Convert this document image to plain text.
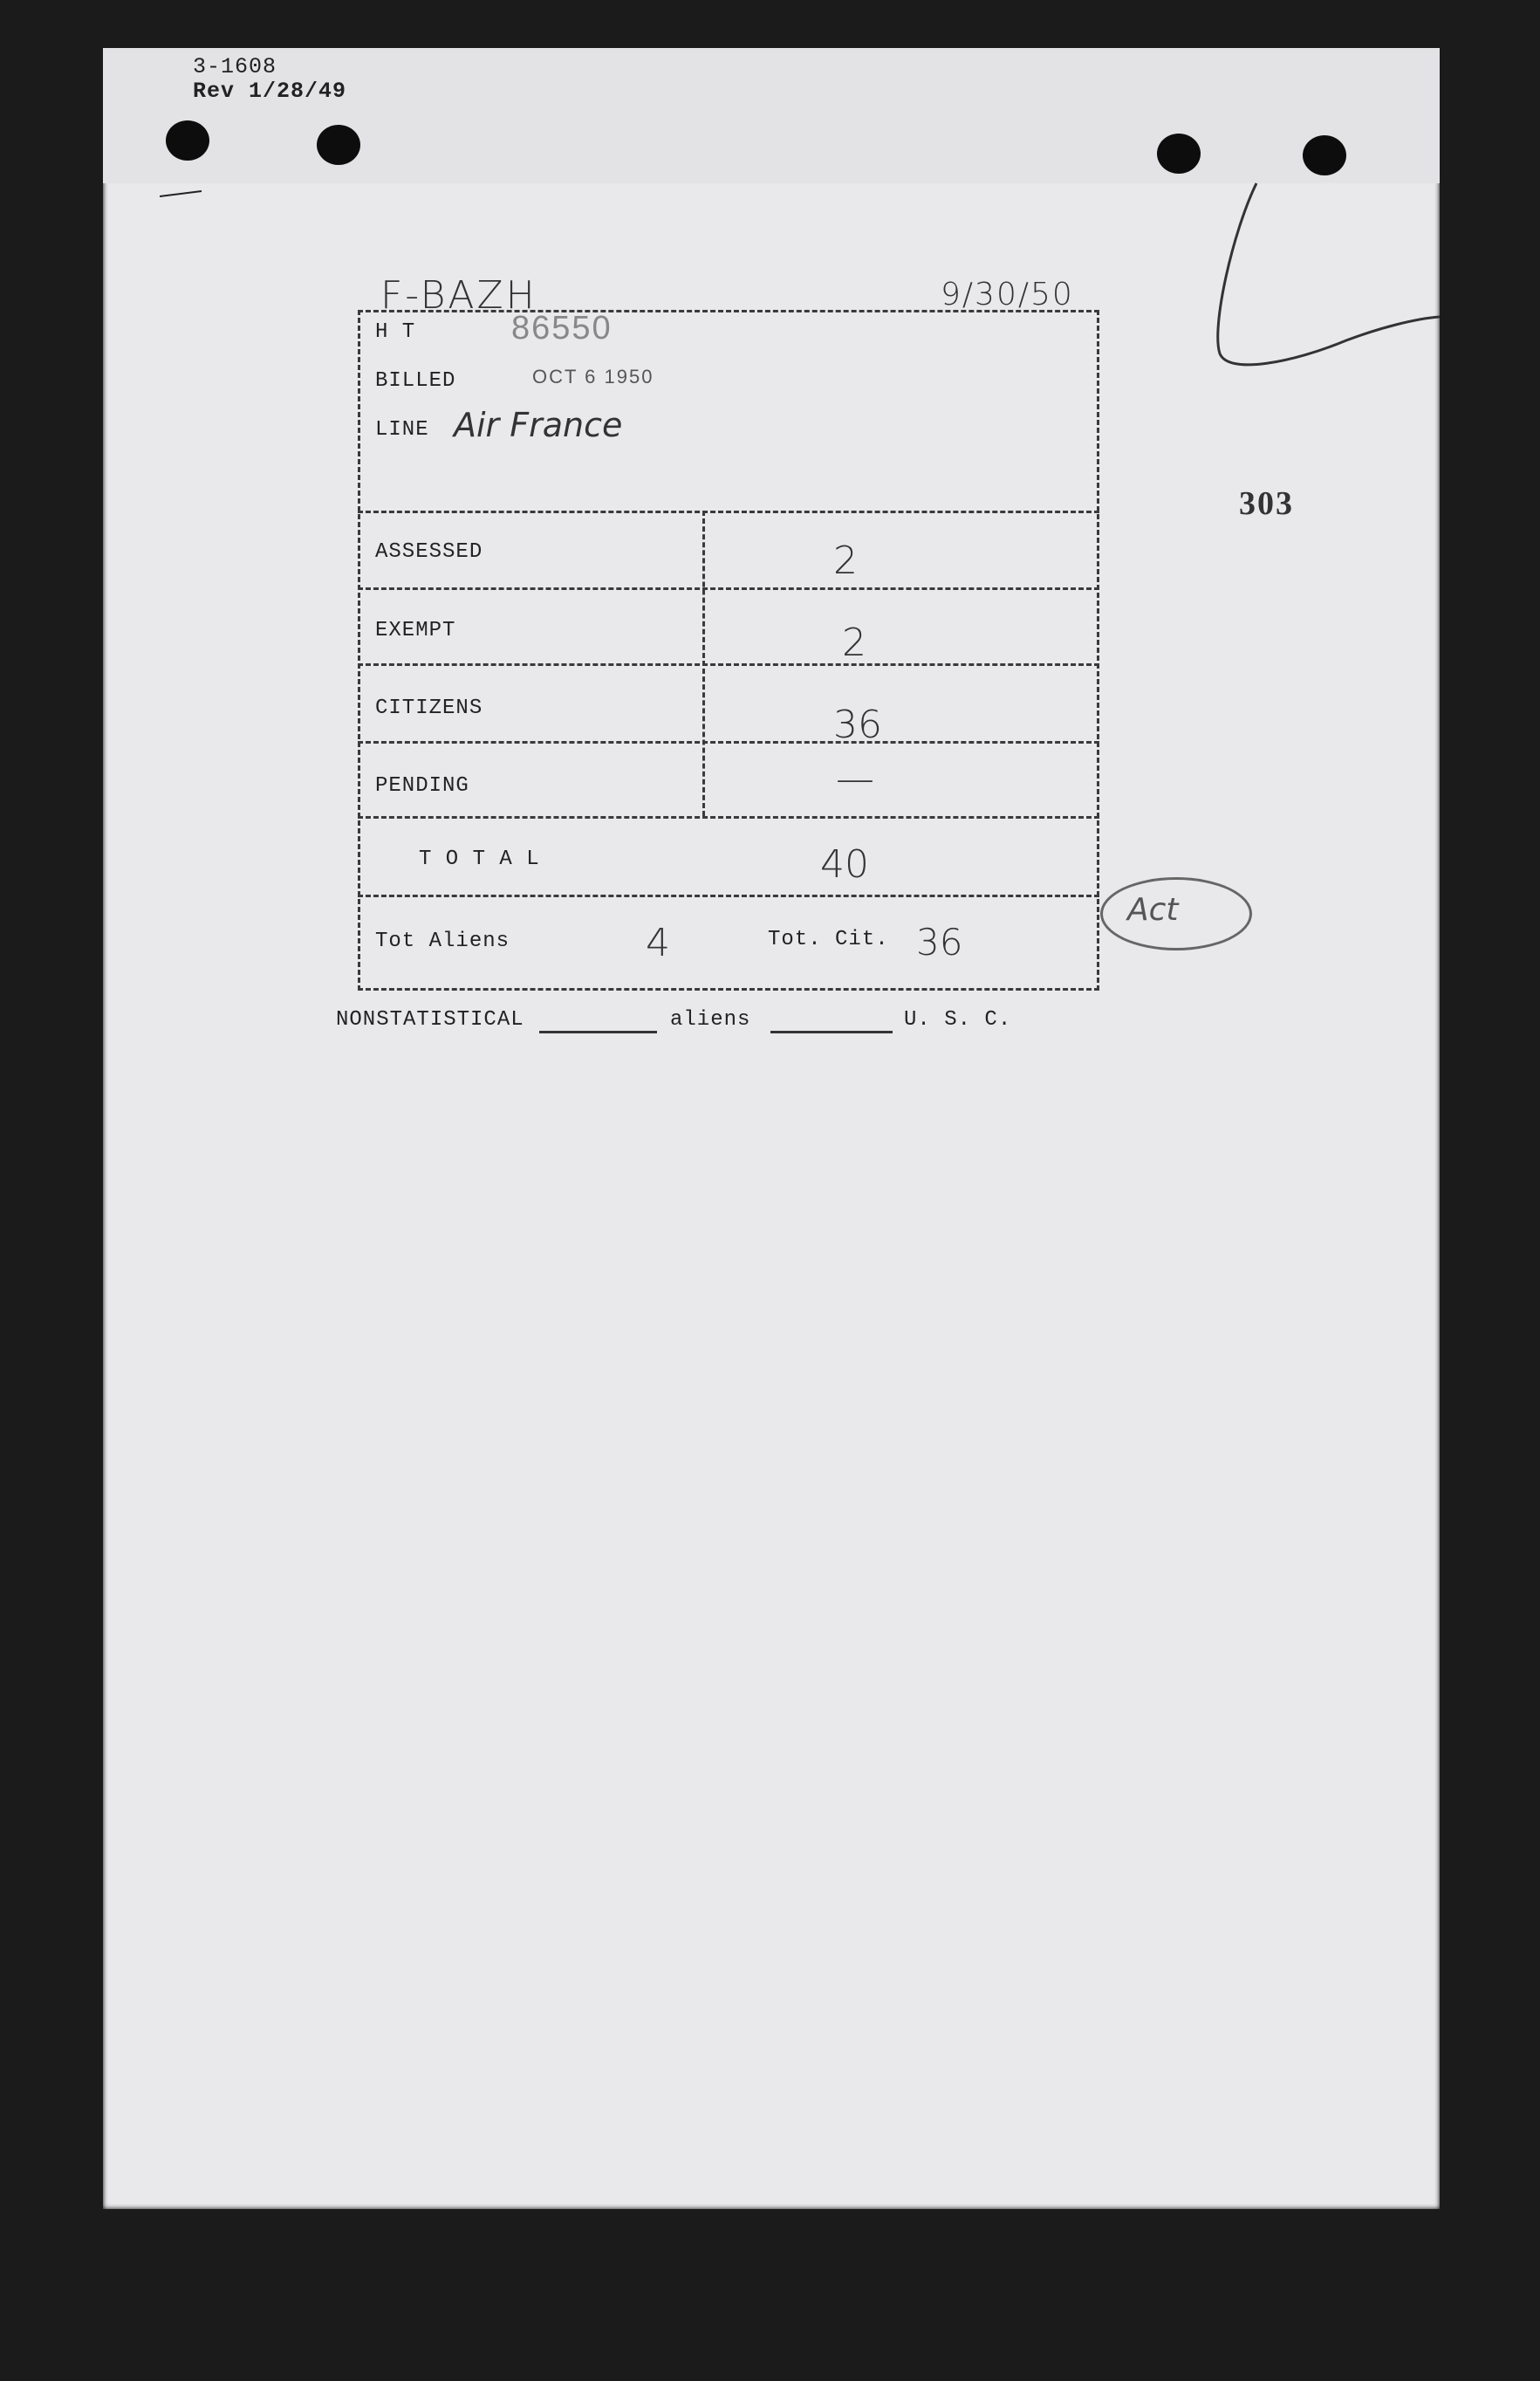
3-1608
Rev 1/28/49
F-BAZH	9/30/50
303
H T	86550
BILLED	OCT 6 1950
LINE Air France
ASSESSED	2
EXEMPT	2
CITIZENS	36
PENDING	—
T O T A L	40
Tot Aliens	4	Tot. Cit. 36
Act
NONSTATISTICAL	aliens	U. S. C.
